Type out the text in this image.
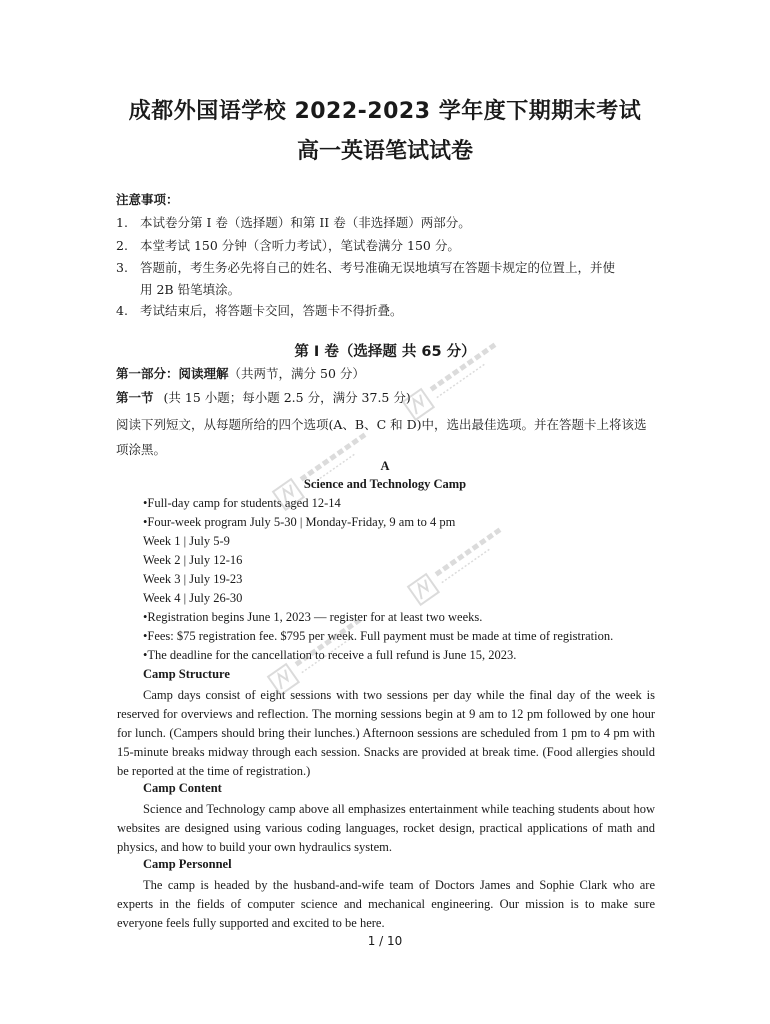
成都外国语学校 2022-2023 学年度下期期末考试
高一英语笔试试卷
注意事项：
1. 本试卷分第 I 卷（选择题）和第 II 卷（非选择题）两部分。
2. 本堂考试 150 分钟（含听力考试），笔试卷满分 150 分。
3. 答题前，考生务必先将自己的姓名、考号准确无误地填写在答题卡规定的位置上，并使
用 2B 铅笔填涂。
4. 考试结束后，将答题卡交回，答题卡不得折叠。
第 I 卷（选择题 共 65 分）
第一部分：阅读理解（共两节，满分 50 分）
第一节 (共 15 小题；每小题 2.5 分，满分 37.5 分)
阅读下列短文，从每题所给的四个选项(A、B、C 和 D)中，选出最佳选项。并在答题卡上将该选项涂黑。
A
Science and Technology Camp
•Full-day camp for students aged 12-14
•Four-week program July 5-30 | Monday-Friday, 9 am to 4 pm
Week 1 | July 5-9
Week 2 | July 12-16
Week 3 | July 19-23
Week 4 | July 26-30
•Registration begins June 1, 2023 — register for at least two weeks.
•Fees: $75 registration fee. $795 per week. Full payment must be made at time of registration.
•The deadline for the cancellation to receive a full refund is June 15, 2023.
Camp Structure
Camp days consist of eight sessions with two sessions per day while the final day of the week is reserved for overviews and reflection. The morning sessions begin at 9 am to 12 pm followed by one hour for lunch. (Campers should bring their lunches.) Afternoon sessions are scheduled from 1 pm to 4 pm with 15-minute breaks midway through each session. Snacks are provided at break time. (Food allergies should be reported at the time of registration.)
Camp Content
Science and Technology camp above all emphasizes entertainment while teaching students about how websites are designed using various coding languages, rocket design, practical applications of math and physics, and how to build your own hydraulics system.
Camp Personnel
The camp is headed by the husband-and-wife team of Doctors James and Sophie Clark who are experts in the fields of computer science and mechanical engineering. Our mission is to make sure everyone feels fully supported and excited to be here.
1 / 10
